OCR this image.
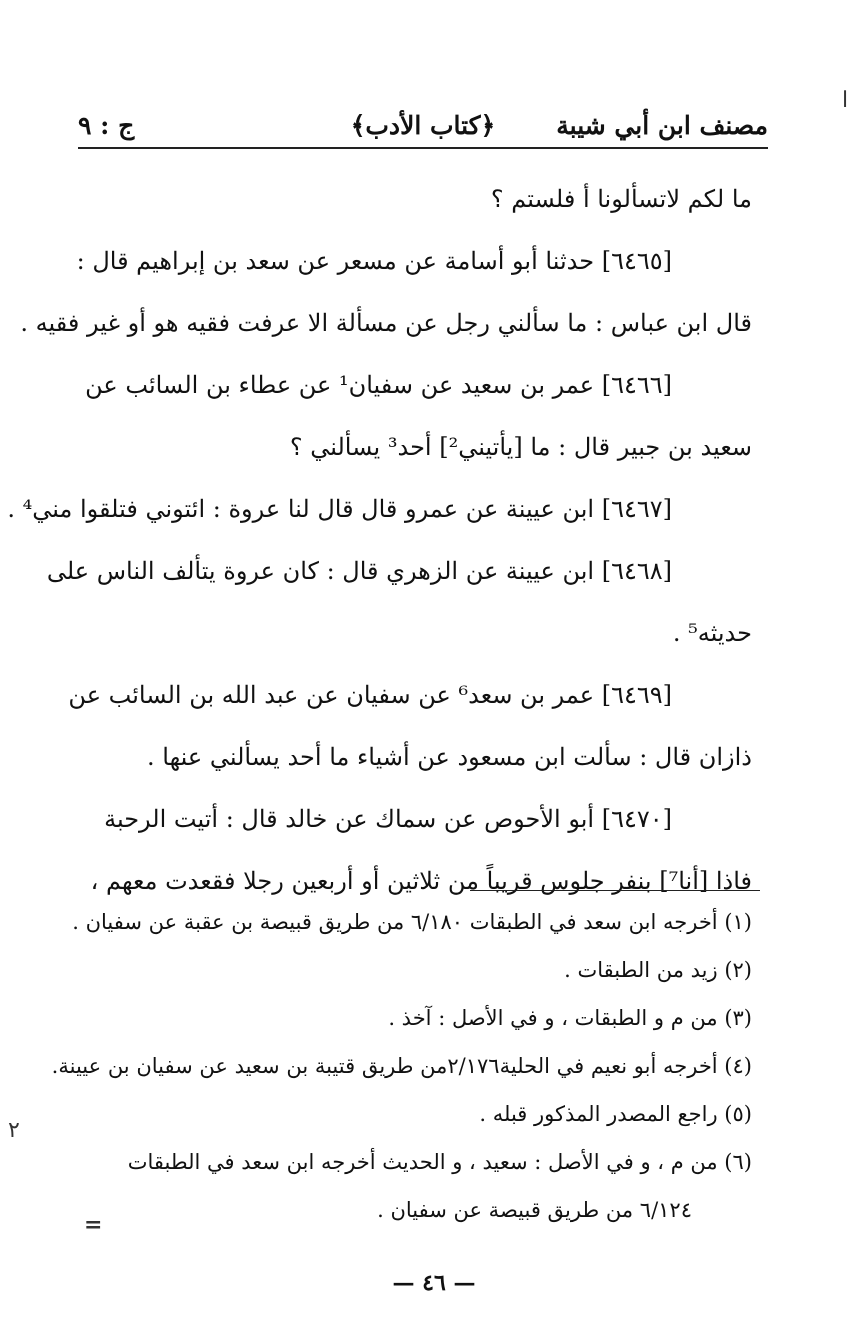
ا
٢
=
مصنف ابن أبي شيبة
﴿كتاب الأدب﴾
ج : ٩
ما لكم لاتسألونا أ فلستم ؟
[٦٤٦٥] حدثنا أبو أسامة عن مسعر عن سعد بن إبراهيم قال :
قال ابن عباس : ما سألني رجل عن مسألة الا عرفت فقيه هو أو غير فقيه .
[٦٤٦٦] عمر بن سعيد عن سفيان¹ عن عطاء بن السائب عن
سعيد بن جبير قال : ما [يأتيني²] أحد³ يسألني ؟
[٦٤٦٧] ابن عيينة عن عمرو قال قال لنا عروة : ائتوني فتلقوا مني⁴ .
[٦٤٦٨] ابن عيينة عن الزهري قال : كان عروة يتألف الناس على
حديثه⁵ .
[٦٤٦٩] عمر بن سعد⁶ عن سفيان عن عبد الله بن السائب عن
ذازان قال : سألت ابن مسعود عن أشياء ما أحد يسألني عنها .
[٦٤٧٠] أبو الأحوص عن سماك عن خالد قال : أتيت الرحبة
فاذا [أنا⁷] بنفر جلوس قريباً من ثلاثين أو أربعين رجلا فقعدت معهم ،
(١) أخرجه ابن سعد في الطبقات ٦/١٨٠ من طريق قبيصة بن عقبة عن سفيان .
(٢) زيد من الطبقات .
(٣) من م و الطبقات ، و في الأصل : آخذ .
(٤) أخرجه أبو نعيم في الحلية٢/١٧٦من طريق قتيبة بن سعيد عن سفيان بن عيينة.
(٥) راجع المصدر المذكور قبله .
(٦) من م ، و في الأصل : سعيد ، و الحديث أخرجه ابن سعد في الطبقات
٦/١٢٤ من طريق قبيصة عن سفيان .
— ٤٦ —
